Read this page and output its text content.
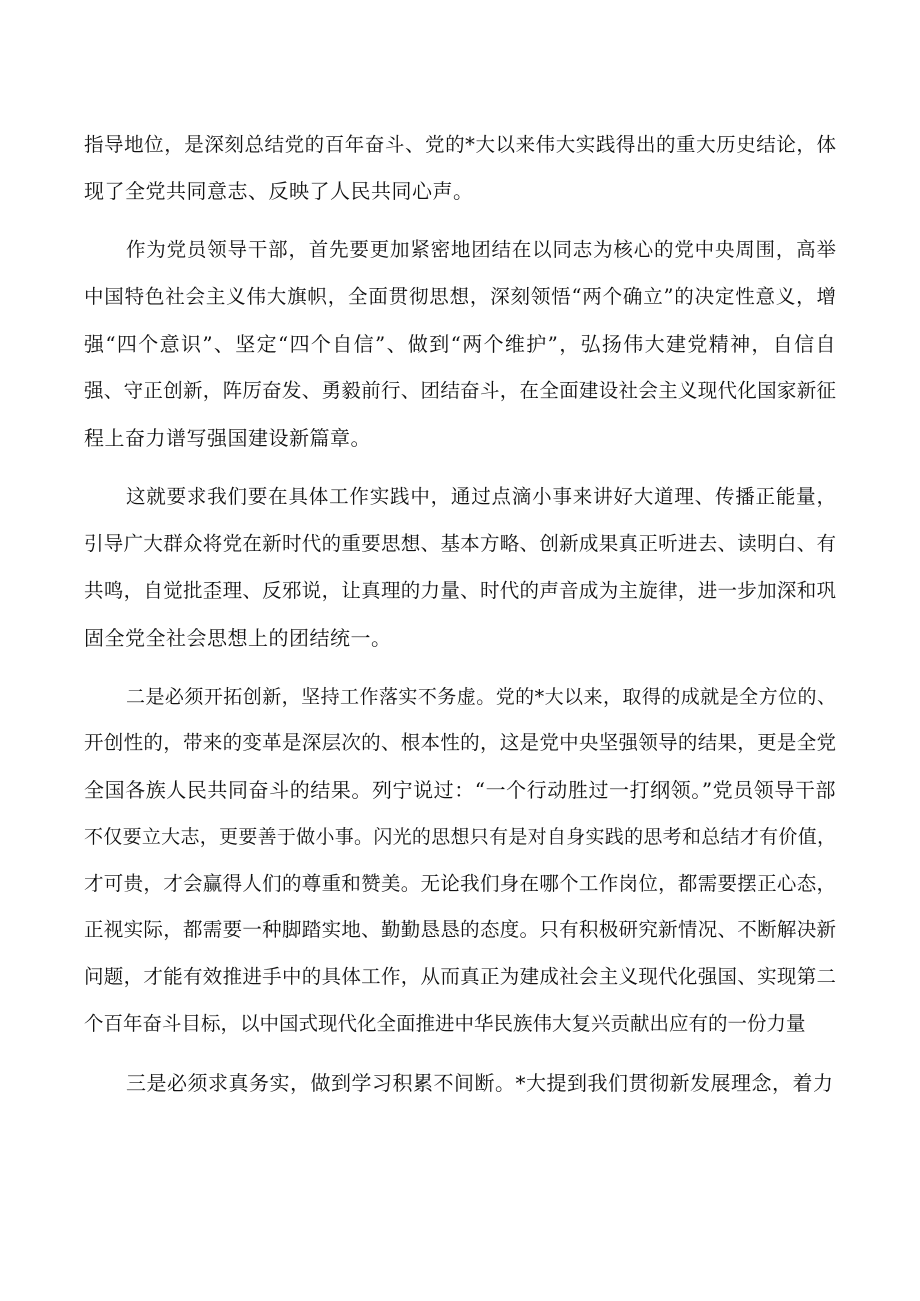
指导地位，是深刻总结党的百年奋斗、党的*大以来伟大实践得出的重大历史结论，体
现了全党共同意志、反映了人民共同心声。
作为党员领导干部，首先要更加紧密地团结在以同志为核心的党中央周围，高举
中国特色社会主义伟大旗帜，全面贯彻思想，深刻领悟“两个确立”的决定性意义，增
强“四个意识”、坚定“四个自信”、做到“两个维护”，弘扬伟大建党精神，自信自
强、守正创新，阵厉奋发、勇毅前行、团结奋斗，在全面建设社会主义现代化国家新征
程上奋力谱写强国建设新篇章。
这就要求我们要在具体工作实践中，通过点滴小事来讲好大道理、传播正能量，
引导广大群众将党在新时代的重要思想、基本方略、创新成果真正听进去、读明白、有
共鸣，自觉批歪理、反邪说，让真理的力量、时代的声音成为主旋律，进一步加深和巩
固全党全社会思想上的团结统一。
二是必须开拓创新，坚持工作落实不务虚。党的*大以来，取得的成就是全方位的、
开创性的，带来的变革是深层次的、根本性的，这是党中央坚强领导的结果，更是全党
全国各族人民共同奋斗的结果。列宁说过：“一个行动胜过一打纲领。”党员领导干部
不仅要立大志，更要善于做小事。闪光的思想只有是对自身实践的思考和总结才有价值，
才可贵，才会赢得人们的尊重和赞美。无论我们身在哪个工作岗位，都需要摆正心态，
正视实际，都需要一种脚踏实地、勤勤恳恳的态度。只有积极研究新情况、不断解决新
问题，才能有效推进手中的具体工作，从而真正为建成社会主义现代化强国、实现第二
个百年奋斗目标，以中国式现代化全面推进中华民族伟大复兴贡献出应有的一份力量
三是必须求真务实，做到学习积累不间断。*大提到我们贯彻新发展理念，着力
